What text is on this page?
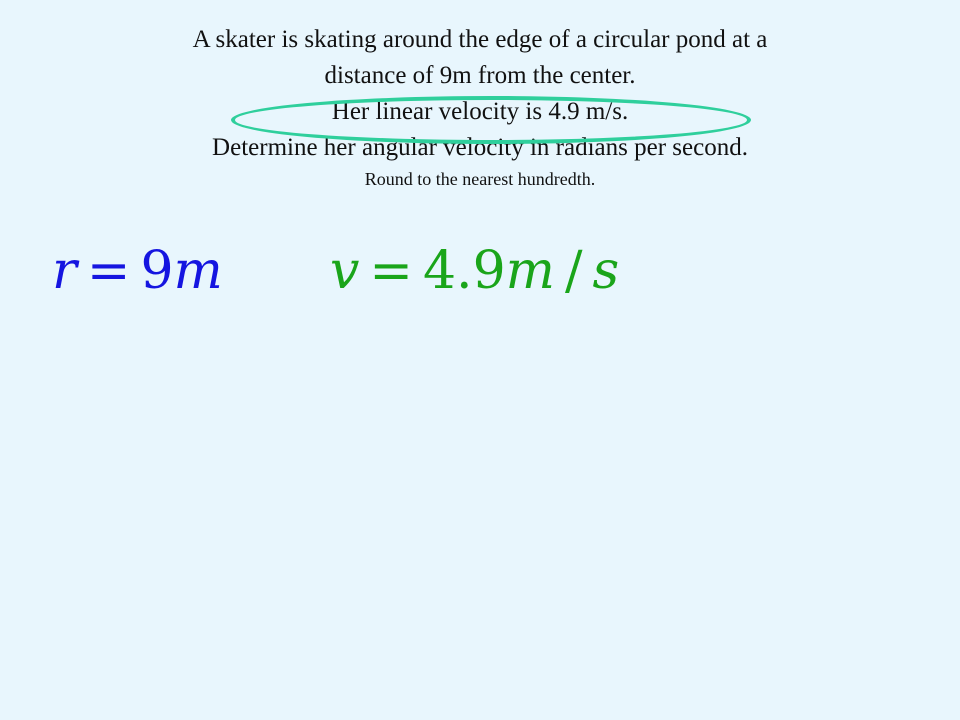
A skater is skating around the edge of a circular pond at a
distance of 9m from the center.
Her linear velocity is 4.9 m/s.
Determine her angular velocity in radians per second.
Round to the nearest hundredth.
r = 9m v = 4.9m / s
